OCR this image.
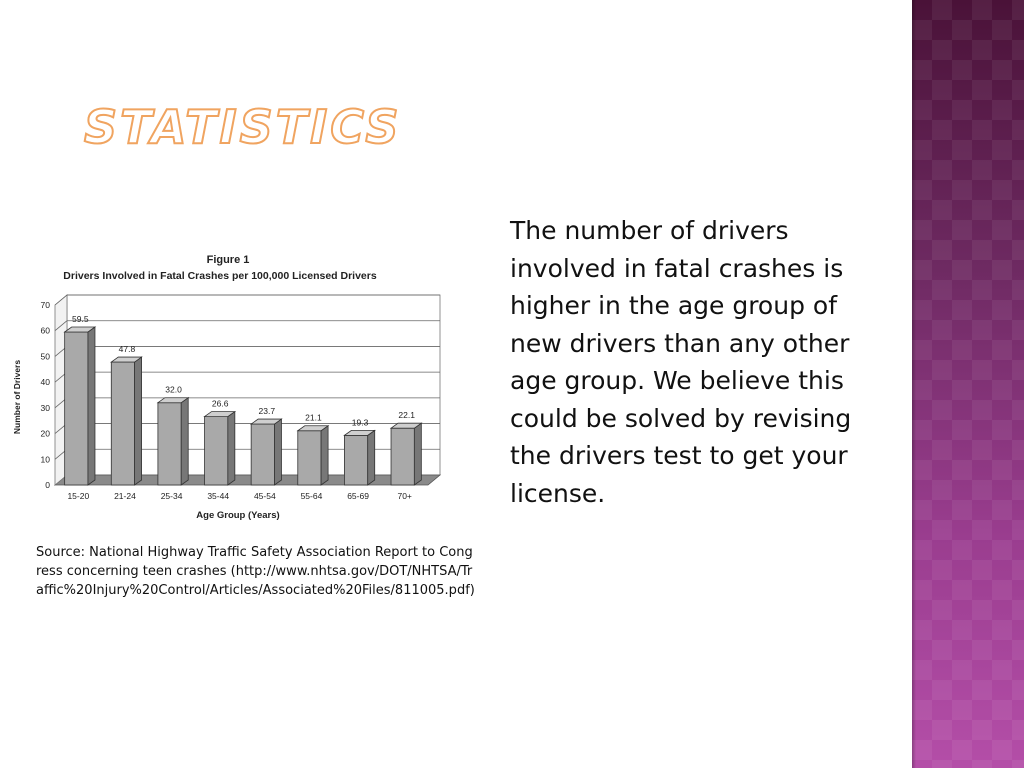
STATISTICS
Figure 1
Drivers Involved in Fatal Crashes per 100,000 Licensed Drivers
Number of Drivers
Age Group (Years)
0
10
20
30
40
50
60
70
59.5
15-20
47.8
21-24
32.0
25-34
26.6
35-44
23.7
45-54
21.1
55-64
19.3
65-69
22.1
70+
The number of drivers involved in fatal crashes is higher in the age group of new drivers than any other age group. We believe this could be solved by revising the drivers test to get your license.
Source: National Highway Traffic Safety Association Report to Congress concerning teen crashes (http://www.nhtsa.gov/DOT/NHTSA/Traffic%20Injury%20Control/Articles/Associated%20Files/811005.pdf)
